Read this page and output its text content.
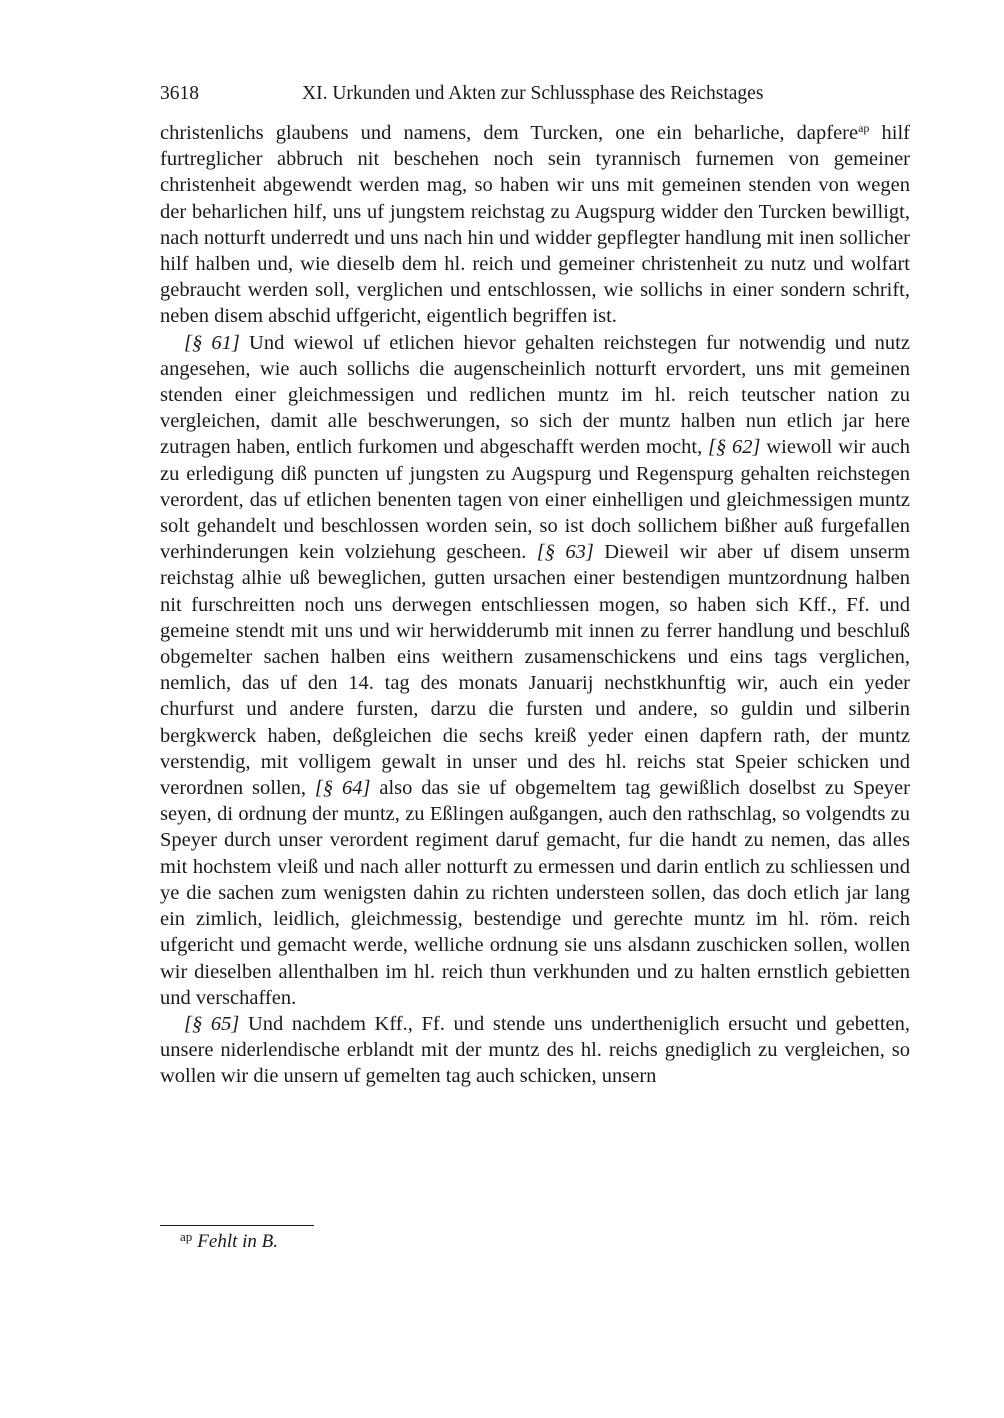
3618	XI. Urkunden und Akten zur Schlussphase des Reichstages

christenlichs glaubens und namens, dem Turcken, one ein beharliche, dapfere$^{ap}$ hilf furtreglicher abbruch nit beschehen noch sein tyrannisch furnemen von gemeiner christenheit abgewendt werden mag, so haben wir uns mit gemeinen stenden von wegen der beharlichen hilf, uns uf jungstem reichstag zu Augspurg widder den Turcken bewilligt, nach notturft underredt und uns nach hin und widder gepflegter handlung mit inen sollicher hilf halben und, wie dieselb dem hl. reich und gemeiner christenheit zu nutz und wolfart gebraucht werden soll, verglichen und entschlossen, wie sollichs in einer sondern schrift, neben disem abschid uffgericht, eigentlich begriffen ist.

[§ 61] Und wiewol uf etlichen hievor gehalten reichstegen fur notwendig und nutz angesehen, wie auch sollichs die augenscheinlich notturft ervordert, uns mit gemeinen stenden einer gleichmessigen und redlichen muntz im hl. reich teutscher nation zu vergleichen, damit alle beschwerungen, so sich der muntz halben nun etlich jar here zutragen haben, entlich furkomen und abgeschafft werden mocht, [§ 62] wiewoll wir auch zu erledigung diß puncten uf jungsten zu Augspurg und Regenspurg gehalten reichstegen verordent, das uf etlichen benenten tagen von einer einhelligen und gleichmessigen muntz solt gehandelt und beschlossen worden sein, so ist doch sollichem bißher auß furgefallen verhinderungen kein volziehung gescheen. [§ 63] Dieweil wir aber uf disem unserm reichstag alhie uß beweglichen, gutten ursachen einer bestendigen muntzordnung halben nit furschreitten noch uns derwegen entschliessen mogen, so haben sich Kff., Ff. und gemeine stendt mit uns und wir herwidderumb mit innen zu ferrer handlung und beschluß obgemelter sachen halben eins weithern zusamenschickens und eins tags verglichen, nemlich, das uf den 14. tag des monats Januarij nechstkhunftig wir, auch ein yeder churfurst und andere fursten, darzu die fursten und andere, so guldin und silberin bergkwerck haben, deßgleichen die sechs kreiß yeder einen dapfern rath, der muntz verstendig, mit volligem gewalt in unser und des hl. reichs stat Speier schicken und verordnen sollen, [§ 64] also das sie uf obgemeltem tag gewißlich doselbst zu Speyer seyen, di ordnung der muntz, zu Eßlingen außgangen, auch den rathschlag, so volgendts zu Speyer durch unser verordent regiment daruf gemacht, fur die handt zu nemen, das alles mit hochstem vleiß und nach aller notturft zu ermessen und darin entlich zu schliessen und ye die sachen zum wenigsten dahin zu richten understeen sollen, das doch etlich jar lang ein zimlich, leidlich, gleichmessig, bestendige und gerechte muntz im hl. röm. reich ufgericht und gemacht werde, welliche ordnung sie uns alsdann zuschicken sollen, wollen wir dieselben allenthalben im hl. reich thun verkhunden und zu halten ernstlich gebietten und verschaffen.

[§ 65] Und nachdem Kff., Ff. und stende uns undertheniglich ersucht und gebetten, unsere niderlendische erblandt mit der muntz des hl. reichs gnediglich zu vergleichen, so wollen wir die unsern uf gemelten tag auch schicken, unsern

$^{ap}$ Fehlt in B.
